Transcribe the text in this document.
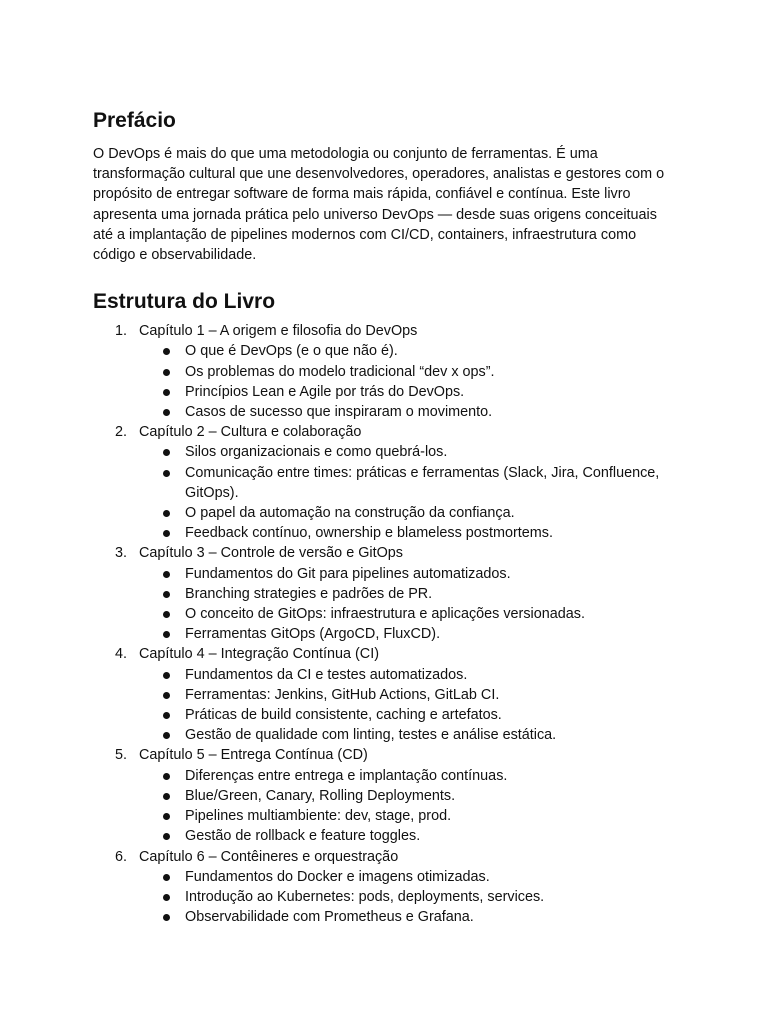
Prefácio

O DevOps é mais do que uma metodologia ou conjunto de ferramentas. É uma transformação cultural que une desenvolvedores, operadores, analistas e gestores com o propósito de entregar software de forma mais rápida, confiável e contínua. Este livro apresenta uma jornada prática pelo universo DevOps — desde suas origens conceituais até a implantação de pipelines modernos com CI/CD, containers, infraestrutura como código e observabilidade.

Estrutura do Livro
1. Capítulo 1 – A origem e filosofia do DevOps
O que é DevOps (e o que não é).
Os problemas do modelo tradicional “dev x ops”.
Princípios Lean e Agile por trás do DevOps.
Casos de sucesso que inspiraram o movimento.
2. Capítulo 2 – Cultura e colaboração
Silos organizacionais e como quebrá-los.
Comunicação entre times: práticas e ferramentas (Slack, Jira, Confluence, GitOps).
O papel da automação na construção da confiança.
Feedback contínuo, ownership e blameless postmortems.
3. Capítulo 3 – Controle de versão e GitOps
Fundamentos do Git para pipelines automatizados.
Branching strategies e padrões de PR.
O conceito de GitOps: infraestrutura e aplicações versionadas.
Ferramentas GitOps (ArgoCD, FluxCD).
4. Capítulo 4 – Integração Contínua (CI)
Fundamentos da CI e testes automatizados.
Ferramentas: Jenkins, GitHub Actions, GitLab CI.
Práticas de build consistente, caching e artefatos.
Gestão de qualidade com linting, testes e análise estática.
5. Capítulo 5 – Entrega Contínua (CD)
Diferenças entre entrega e implantação contínuas.
Blue/Green, Canary, Rolling Deployments.
Pipelines multiambiente: dev, stage, prod.
Gestão de rollback e feature toggles.
6. Capítulo 6 – Contêineres e orquestração
Fundamentos do Docker e imagens otimizadas.
Introdução ao Kubernetes: pods, deployments, services.
Observabilidade com Prometheus e Grafana.
